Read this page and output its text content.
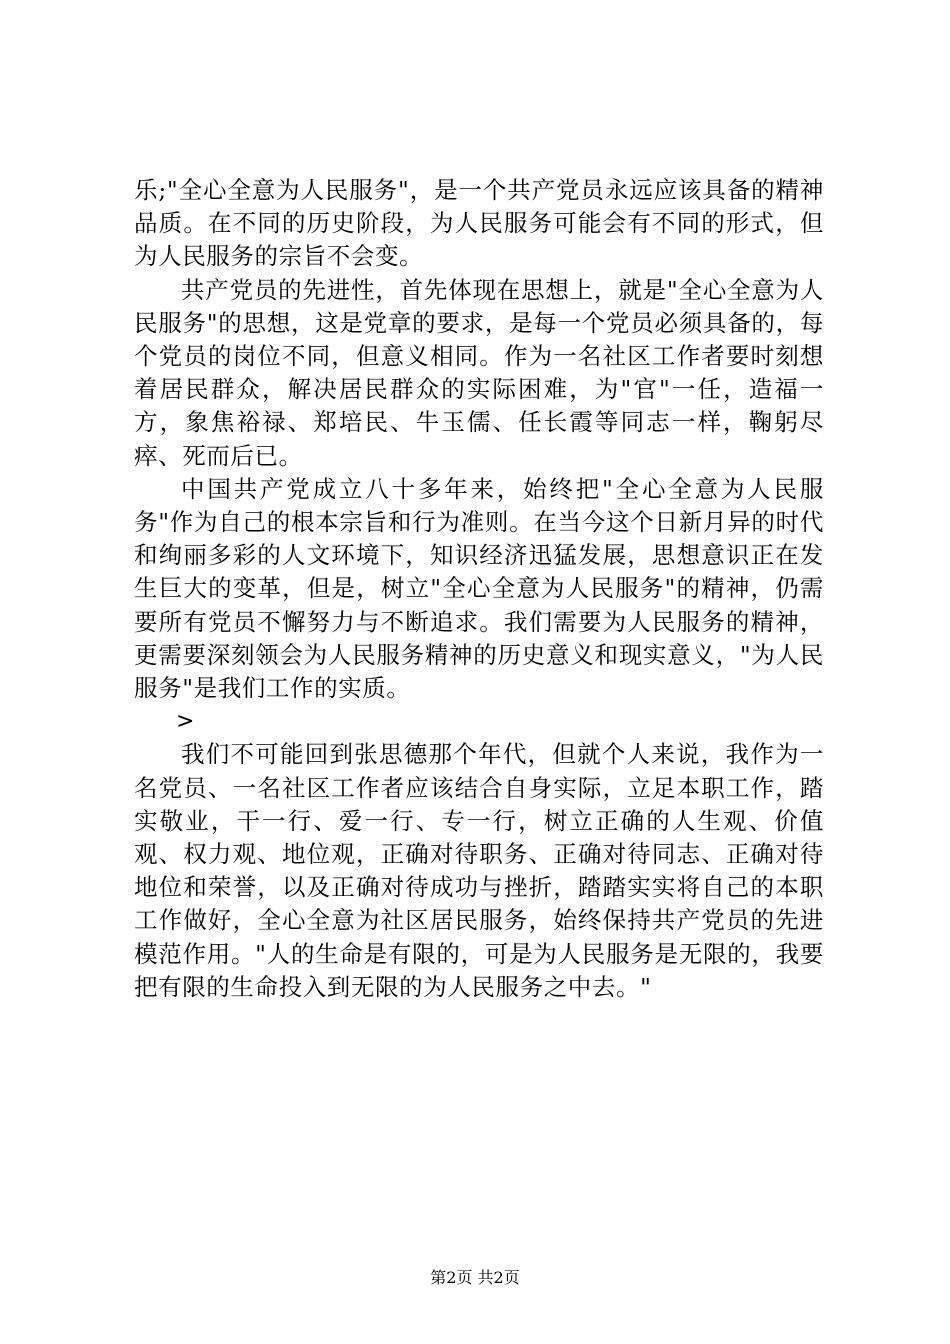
乐;"全心全意为人民服务"，是一个共产党员永远应该具备的精神品质。在不同的历史阶段，为人民服务可能会有不同的形式，但为人民服务的宗旨不会变。

共产党员的先进性，首先体现在思想上，就是"全心全意为人民服务"的思想，这是党章的要求，是每一个党员必须具备的，每个党员的岗位不同，但意义相同。作为一名社区工作者要时刻想着居民群众，解决居民群众的实际困难，为"官"一任，造福一方，象焦裕禄、郑培民、牛玉儒、任长霞等同志一样，鞠躬尽瘁、死而后已。

中国共产党成立八十多年来，始终把"全心全意为人民服务"作为自己的根本宗旨和行为准则。在当今这个日新月异的时代和绚丽多彩的人文环境下，知识经济迅猛发展，思想意识正在发生巨大的变革，但是，树立"全心全意为人民服务"的精神，仍需要所有党员不懈努力与不断追求。我们需要为人民服务的精神，更需要深刻领会为人民服务精神的历史意义和现实意义，"为人民服务"是我们工作的实质。

>

我们不可能回到张思德那个年代，但就个人来说，我作为一名党员、一名社区工作者应该结合自身实际，立足本职工作，踏实敬业，干一行、爱一行、专一行，树立正确的人生观、价值观、权力观、地位观，正确对待职务、正确对待同志、正确对待地位和荣誉，以及正确对待成功与挫折，踏踏实实将自己的本职工作做好，全心全意为社区居民服务，始终保持共产党员的先进模范作用。"人的生命是有限的，可是为人民服务是无限的，我要把有限的生命投入到无限的为人民服务之中去。"

第2页 共2页
